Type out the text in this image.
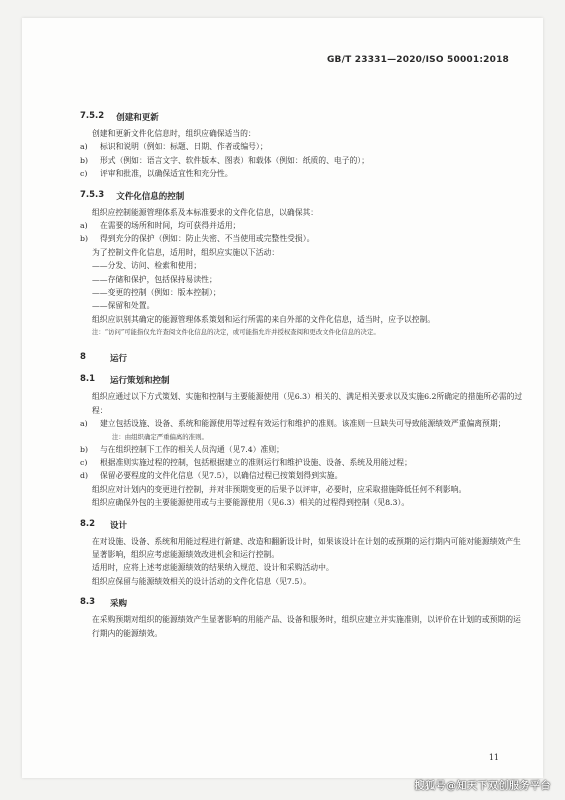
GB/T 23331—2020/ISO 50001:2018
7.5.2 创建和更新

创建和更新文件化信息时，组织应确保适当的：

a)	标识和说明（例如：标题、日期、作者或编号）；
b)	形式（例如：语言文字、软件版本、图表）和载体（例如：纸质的、电子的）；
c)	评审和批准，以确保适宜性和充分性。
7.5.3 文件化信息的控制

组织应控制能源管理体系及本标准要求的文件化信息，以确保其：

a)	在需要的场所和时间，均可获得并适用；
b)	得到充分的保护（例如：防止失密、不当使用或完整性受损）。

为了控制文件化信息，适用时，组织应实施以下活动：

——分发、访问、检索和使用；
——存储和保护，包括保持易读性；
——变更的控制（例如：版本控制）；
——保留和处置。

组织应识别其确定的能源管理体系策划和运行所需的来自外部的文件化信息，适当时，应予以控制。

注：“访问”可能指仅允许查阅文件化信息的决定，或可能指允许并授权查阅和更改文件化信息的决定。
8	运行
8.1	运行策划和控制

组织应通过以下方式策划、实施和控制与主要能源使用（见6.3）相关的、满足相关要求以及实施6.2所确定的措施所必需的过程：

a)	建立包括设施、设备、系统和能源使用等过程有效运行和维护的准则。该准则一旦缺失可导致能源绩效严重偏离预期；
注：由组织确定严重偏离的准则。
b)	与在组织控制下工作的相关人员沟通（见7.4）准则；
c)	根据准则实施过程的控制，包括根据建立的准则运行和维护设施、设备、系统及用能过程；
d)	保留必要程度的文件化信息（见7.5），以确信过程已按策划得到实施。

组织应对计划内的变更进行控制，并对非预期变更的后果予以评审，必要时，应采取措施降低任何不利影响。

组织应确保外包的主要能源使用或与主要能源使用（见6.3）相关的过程得到控制（见8.3）。

8.2	设计

在对设施、设备、系统和用能过程进行新建、改造和翻新设计时，如果该设计在计划的或预期的运行期内可能对能源绩效产生显著影响，组织应考虑能源绩效改进机会和运行控制。

适用时，应将上述考虑能源绩效的结果纳入规范、设计和采购活动中。

组织应保留与能源绩效相关的设计活动的文件化信息（见7.5）。

8.3	采购

在采购预期对组织的能源绩效产生显著影响的用能产品、设备和服务时，组织应建立并实施准则，以评价在计划的或预期的运行期内的能源绩效。

11
搜狐号@知天下双创服务平台
